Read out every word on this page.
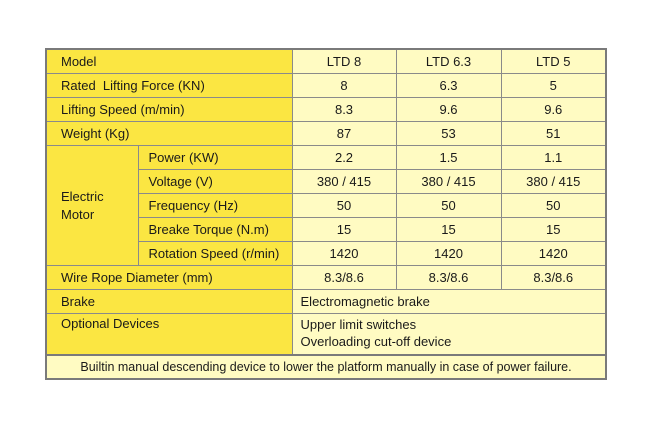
Model		LTD 8	LTD 6.3	LTD 5
Rated  Lifting Force (KN)		8	6.3	5
Lifting Speed (m/min)		8.3	9.6	9.6
Weight (Kg)		87	53	51

Electric
Motor	Power (KW)	2.2	1.5	1.1
	Voltage (V)	380 / 415	380 / 415	380 / 415
	Frequency (Hz)	50	50	50
	Breake Torque (N.m)	15	15	15
	Rotation Speed (r/min)	1420	1420	1420
Wire Rope Diameter (mm)		8.3/8.6	8.3/8.6	8.3/8.6
Brake		Electromagnetic brake		
Optional Devices		Upper limit switches
Overloading cut-off device		

Builtin manual descending device to lower the platform manually in case of power failure.				
